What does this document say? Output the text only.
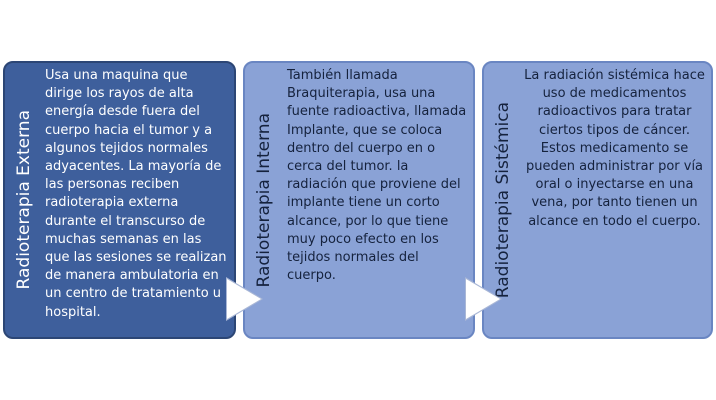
Radioterapia Externa
Usa una maquina que dirige los rayos de alta energía desde fuera del cuerpo hacia el tumor y a algunos tejidos normales adyacentes. La mayoría de las personas reciben radioterapia externa durante el transcurso de muchas semanas en las que las sesiones se realizan de manera ambulatoria en un centro de tratamiento u hospital.
Radioterapia Interna
También llamada Braquiterapia, usa una fuente radioactiva, llamada Implante, que se coloca dentro del cuerpo en o cerca del tumor. la radiación que proviene del implante tiene un corto alcance, por lo que tiene muy poco efecto en los tejidos normales del cuerpo.	Radioterapia Sistémica
La radiación sistémica hace uso de medicamentos radioactivos para tratar ciertos tipos de cáncer. Estos medicamento se pueden administrar por vía oral o inyectarse en una vena, por tanto tienen un alcance en todo el cuerpo.
